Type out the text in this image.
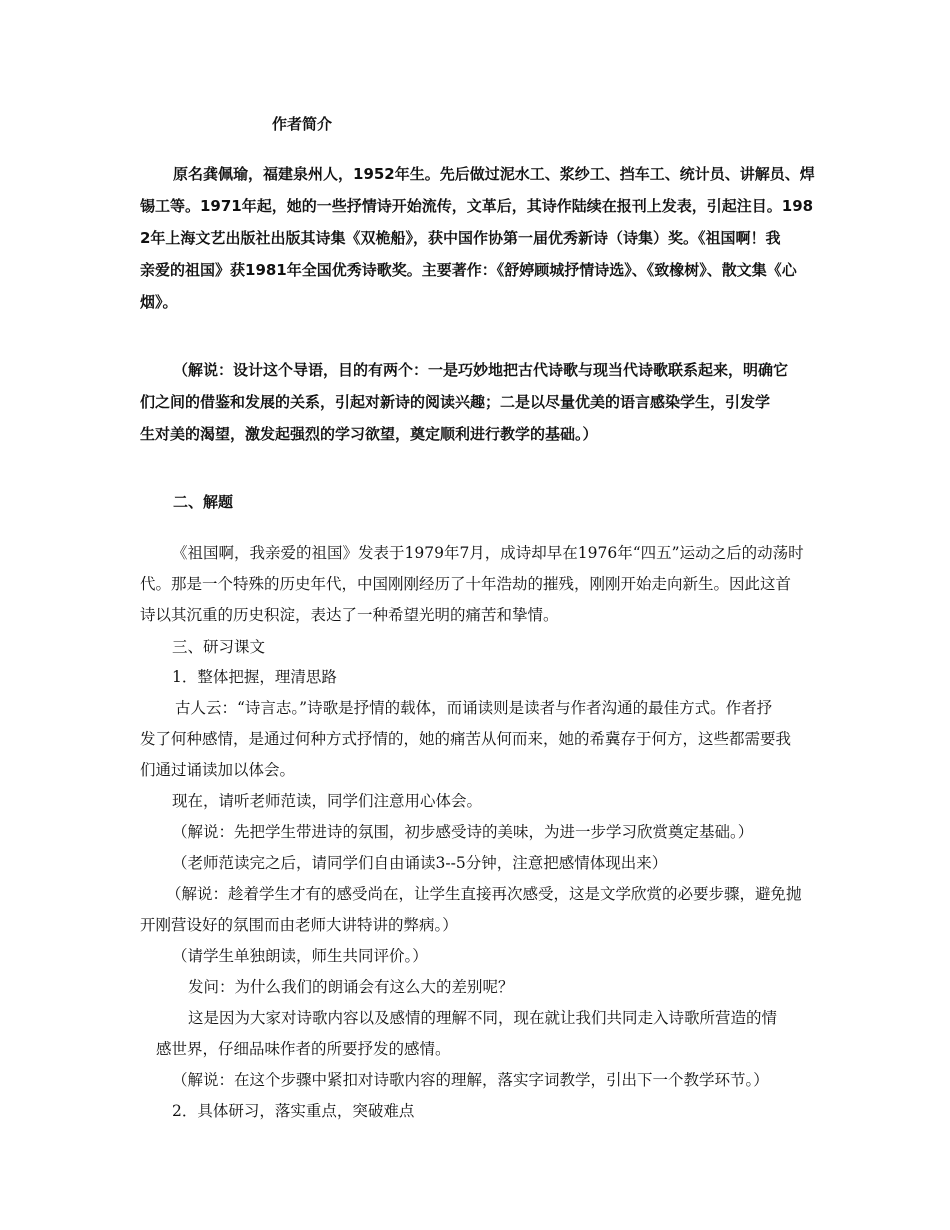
作者简介
原名龚佩瑜，福建泉州人，1952年生。先后做过泥水工、浆纱工、挡车工、统计员、讲解员、焊
锡工等。1971年起，她的一些抒情诗开始流传，文革后，其诗作陆续在报刊上发表，引起注目。198
2年上海文艺出版社出版其诗集《双桅船》，获中国作协第一届优秀新诗（诗集）奖。《祖国啊！我
亲爱的祖国》获1981年全国优秀诗歌奖。主要著作：《舒婷顾城抒情诗选》、《致橡树》、散文集《心
烟》。
（解说：设计这个导语，目的有两个：一是巧妙地把古代诗歌与现当代诗歌联系起来，明确它
们之间的借鉴和发展的关系，引起对新诗的阅读兴趣；二是以尽量优美的语言感染学生，引发学
生对美的渴望，激发起强烈的学习欲望，奠定顺利进行教学的基础。）
二、解题
《祖国啊，我亲爱的祖国》发表于1979年7月，成诗却早在1976年“四五”运动之后的动荡时
代。那是一个特殊的历史年代，中国刚刚经历了十年浩劫的摧残，刚刚开始走向新生。因此这首
诗以其沉重的历史积淀，表达了一种希望光明的痛苦和挚情。
三、研习课文
1．整体把握，理清思路
古人云：“诗言志。”诗歌是抒情的载体，而诵读则是读者与作者沟通的最佳方式。作者抒
发了何种感情，是通过何种方式抒情的，她的痛苦从何而来，她的希冀存于何方，这些都需要我
们通过诵读加以体会。
现在，请听老师范读，同学们注意用心体会。
（解说：先把学生带进诗的氛围，初步感受诗的美味，为进一步学习欣赏奠定基础。）
（老师范读完之后，请同学们自由诵读3--5分钟，注意把感情体现出来）
（解说：趁着学生才有的感受尚在，让学生直接再次感受，这是文学欣赏的必要步骤，避免抛
开刚营设好的氛围而由老师大讲特讲的弊病。）
（请学生单独朗读，师生共同评价。）
发问：为什么我们的朗诵会有这么大的差别呢？
这是因为大家对诗歌内容以及感情的理解不同，现在就让我们共同走入诗歌所营造的情
感世界，仔细品味作者的所要抒发的感情。
（解说：在这个步骤中紧扣对诗歌内容的理解，落实字词教学，引出下一个教学环节。）
2．具体研习，落实重点，突破难点
